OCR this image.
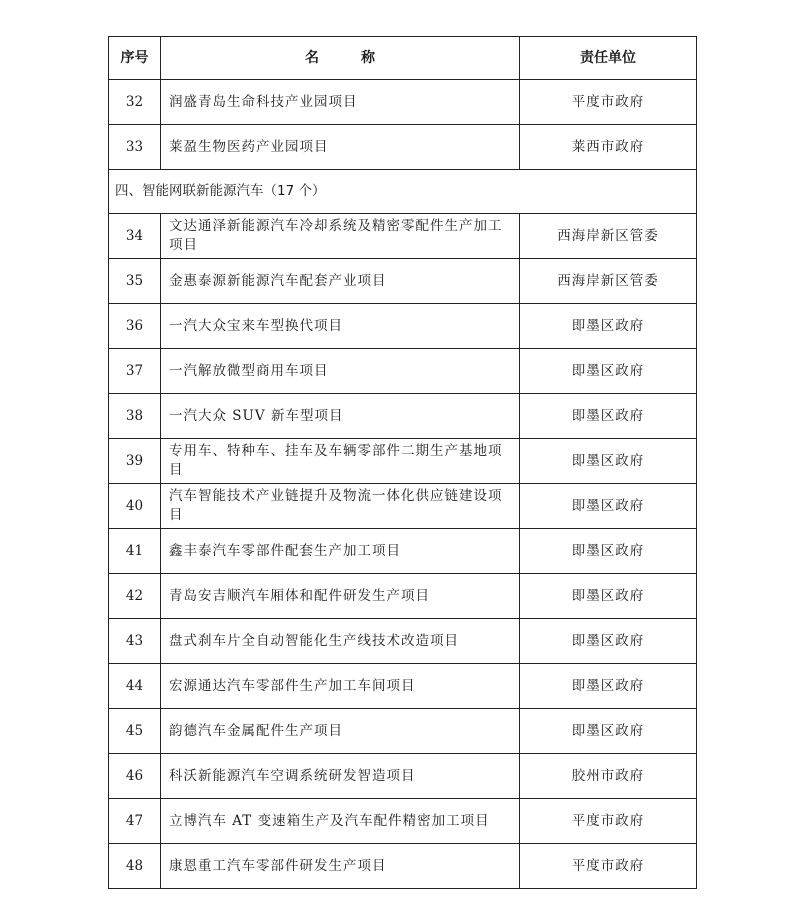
序号	名 称	责任单位
32	润盛青岛生命科技产业园项目	平度市政府
33	莱盈生物医药产业园项目	莱西市政府
四、智能网联新能源汽车（17 个）		
34	文达通泽新能源汽车冷却系统及精密零配件生产加工项目	西海岸新区管委
35	金惠泰源新能源汽车配套产业项目	西海岸新区管委
36	一汽大众宝来车型换代项目	即墨区政府
37	一汽解放微型商用车项目	即墨区政府
38	一汽大众 SUV 新车型项目	即墨区政府
39	专用车、特种车、挂车及车辆零部件二期生产基地项目	即墨区政府
40	汽车智能技术产业链提升及物流一体化供应链建设项目	即墨区政府
41	鑫丰泰汽车零部件配套生产加工项目	即墨区政府
42	青岛安吉顺汽车厢体和配件研发生产项目	即墨区政府
43	盘式刹车片全自动智能化生产线技术改造项目	即墨区政府
44	宏源通达汽车零部件生产加工车间项目	即墨区政府
45	韵德汽车金属配件生产项目	即墨区政府
46	科沃新能源汽车空调系统研发智造项目	胶州市政府
47	立博汽车 AT 变速箱生产及汽车配件精密加工项目	平度市政府
48	康恩重工汽车零部件研发生产项目	平度市政府
